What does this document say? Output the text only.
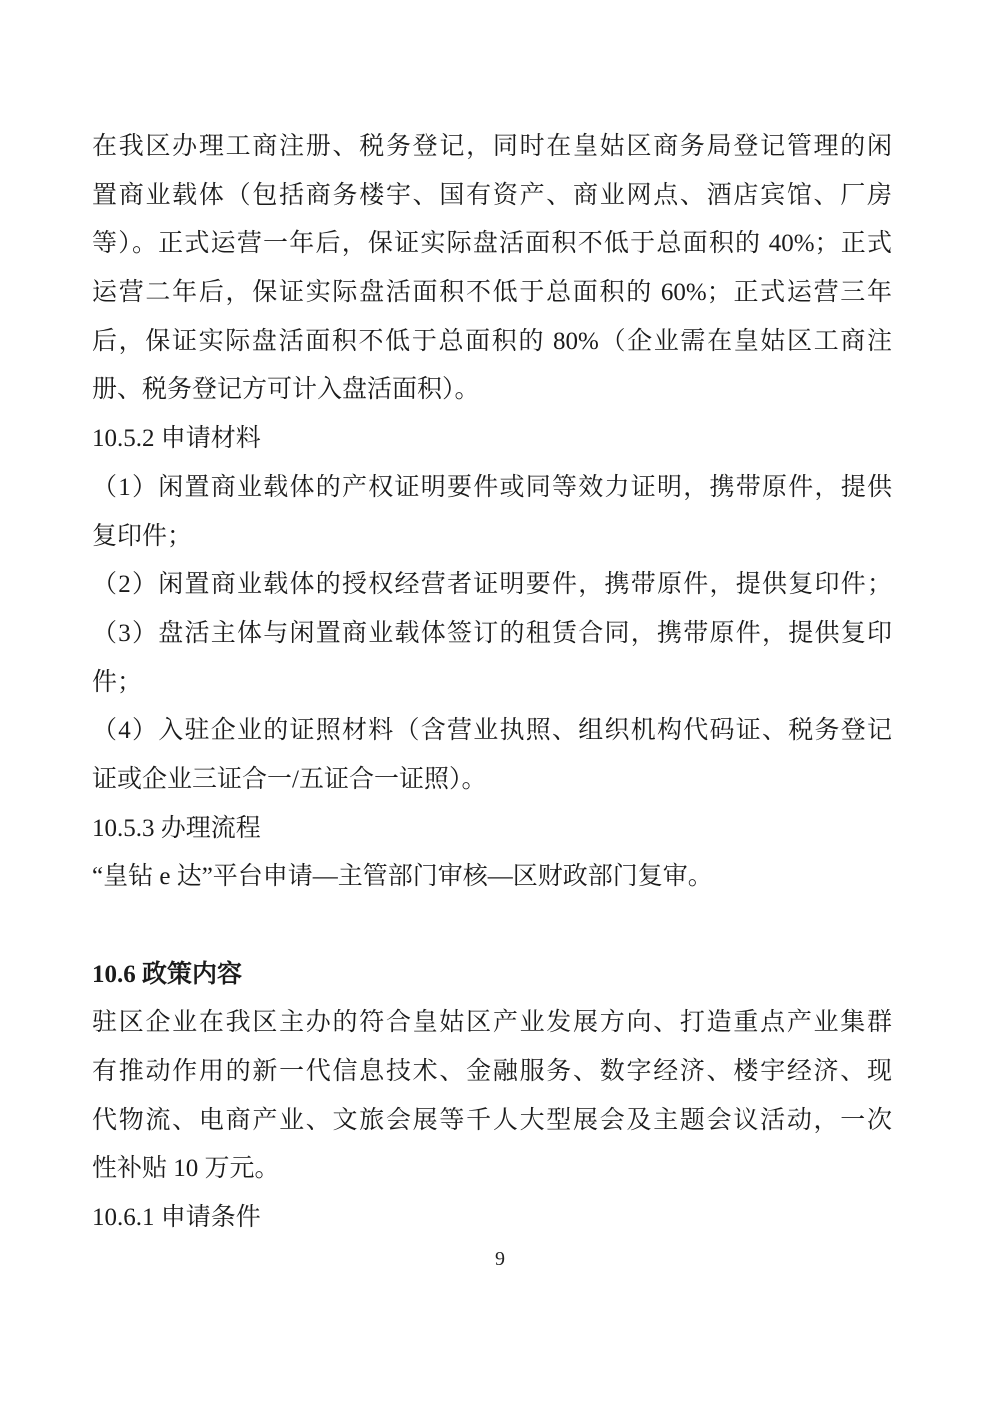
在我区办理工商注册、税务登记，同时在皇姑区商务局登记管理的闲
置商业载体（包括商务楼宇、国有资产、商业网点、酒店宾馆、厂房
等）。正式运营一年后，保证实际盘活面积不低于总面积的 40%；正式
运营二年后，保证实际盘活面积不低于总面积的 60%；正式运营三年
后，保证实际盘活面积不低于总面积的 80%（企业需在皇姑区工商注
册、税务登记方可计入盘活面积）。
10.5.2 申请材料
（1）闲置商业载体的产权证明要件或同等效力证明，携带原件，提供
复印件；
（2）闲置商业载体的授权经营者证明要件，携带原件，提供复印件；
（3）盘活主体与闲置商业载体签订的租赁合同，携带原件，提供复印
件；
（4）入驻企业的证照材料（含营业执照、组织机构代码证、税务登记
证或企业三证合一/五证合一证照）。
10.5.3 办理流程
“皇钻 e 达”平台申请—主管部门审核—区财政部门复审。
10.6 政策内容
驻区企业在我区主办的符合皇姑区产业发展方向、打造重点产业集群
有推动作用的新一代信息技术、金融服务、数字经济、楼宇经济、现
代物流、电商产业、文旅会展等千人大型展会及主题会议活动，一次
性补贴 10 万元。
10.6.1 申请条件
9
